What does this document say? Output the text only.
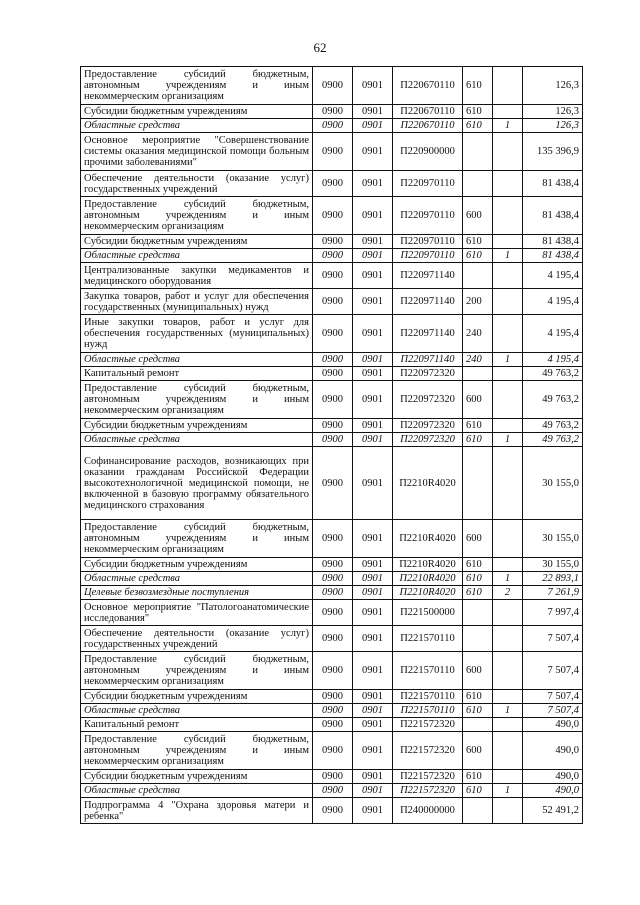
62
Предоставление субсидий бюджетным, автономным учреждениям и иным некоммерческим организациям	0900	0901	П220670110	610		126,3
Субсидии бюджетным учреждениям	0900	0901	П220670110	610		126,3
Областные средства	0900	0901	П220670110	610	1	126,3
Основное мероприятие "Совершенствование системы оказания медицинской помощи больным прочими заболеваниями"	0900	0901	П220900000			135 396,9
Обеспечение деятельности (оказание услуг) государственных учреждений	0900	0901	П220970110			81 438,4
Предоставление субсидий бюджетным, автономным учреждениям и иным некоммерческим организациям	0900	0901	П220970110	600		81 438,4
Субсидии бюджетным учреждениям	0900	0901	П220970110	610		81 438,4
Областные средства	0900	0901	П220970110	610	1	81 438,4
Централизованные закупки медикаментов и медицинского оборудования	0900	0901	П220971140			4 195,4
Закупка товаров, работ и услуг для обеспечения государственных (муниципальных) нужд	0900	0901	П220971140	200		4 195,4
Иные закупки товаров, работ и услуг для обеспечения государственных (муниципальных) нужд	0900	0901	П220971140	240		4 195,4
Областные средства	0900	0901	П220971140	240	1	4 195,4
Капитальный ремонт	0900	0901	П220972320			49 763,2
Предоставление субсидий бюджетным, автономным учреждениям и иным некоммерческим организациям	0900	0901	П220972320	600		49 763,2
Субсидии бюджетным учреждениям	0900	0901	П220972320	610		49 763,2
Областные средства	0900	0901	П220972320	610	1	49 763,2
Софинансирование расходов, возникающих при оказании гражданам Российской Федерации высокотехнологичной медицинской помощи, не включенной в базовую программу обязательного медицинского страхования	0900	0901	П2210R4020			30 155,0
Предоставление субсидий бюджетным, автономным учреждениям и иным некоммерческим организациям	0900	0901	П2210R4020	600		30 155,0
Субсидии бюджетным учреждениям	0900	0901	П2210R4020	610		30 155,0
Областные средства	0900	0901	П2210R4020	610	1	22 893,1
Целевые безвозмездные поступления	0900	0901	П2210R4020	610	2	7 261,9
Основное мероприятие "Патологоанатомические исследования"	0900	0901	П221500000			7 997,4
Обеспечение деятельности (оказание услуг) государственных учреждений	0900	0901	П221570110			7 507,4
Предоставление субсидий бюджетным, автономным учреждениям и иным некоммерческим организациям	0900	0901	П221570110	600		7 507,4
Субсидии бюджетным учреждениям	0900	0901	П221570110	610		7 507,4
Областные средства	0900	0901	П221570110	610	1	7 507,4
Капитальный ремонт	0900	0901	П221572320			490,0
Предоставление субсидий бюджетным, автономным учреждениям и иным некоммерческим организациям	0900	0901	П221572320	600		490,0
Субсидии бюджетным учреждениям	0900	0901	П221572320	610		490,0
Областные средства	0900	0901	П221572320	610	1	490,0
Подпрограмма 4 "Охрана здоровья матери и ребенка"	0900	0901	П240000000			52 491,2
